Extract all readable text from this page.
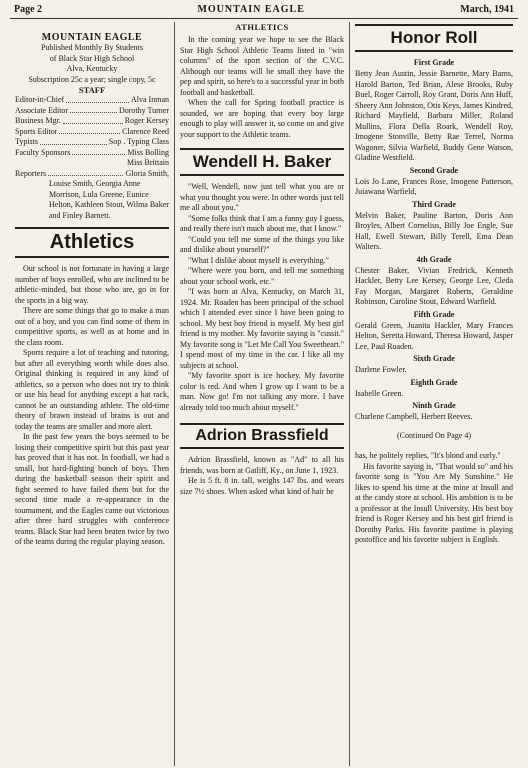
Page 2	MOUNTAIN EAGLE	March, 1941
MOUNTAIN EAGLE

Published Monthly By Students

of Black Star High School

Alva, Kentucky

Subscription 25c a year; single copy, 5c

STAFF
Editor-in-Chief	Alva Inman
Associate Editor	Dorothy Turner
Business Mgr.	Roger Kersey
Sports Editor	Clarence Reed
Typists	Sop . Typing Class
Faculty Sponsors	Miss Bolling
Miss Brittain
Reporters	Gloria Smith,
Louise Smith, Georgia Anne Morrison, Lula Greene, Eunice Helton, Kathleen Stout, Wilma Baker and Finley Barnett.
Athletics

Our school is not fortunate in having a large number of boys enrolled, who are inclined to be athletic-minded, but those who are, go in for the sports in a big way.

There are some things that go to make a man out of a boy, and you can find some of them in competitive sports, as well as at home and in the class room.

Sports require a lot of teaching and tutoring, but after all everything worth while does also. Original thinking is required in any kind of athletics, so a person who does not try to think or use his head for anything except a hat rack, cannot be an outstanding athlete. The old-time theory of brawn instead of brains is out and today the teams are smaller and more alert.

In the past few years the boys seemed to be losing their competitive spirit but this past year has proved that it has not. In football, we had a small, but hard-fighting bunch of boys. Then during the basketball season their spirit and fight seemed to have failed them but for the second time made a re-appearance in the tournament, and the Eagles came out victorious after three hard struggles with conference teams. Black Star had been beaten twice by two of the teams during the regular playing season.

ATHLETICS

In the coming year we hope to see the Black Star High School Athletic Teams listed in "win columns" of the sport section of the C.V.C. Although our teams will be small they have the pep and spirit, so here's to a successful year in both football and basketball.

When the call for Spring football practice is sounded, we are hoping that every boy large enough to play will answer it, so come on and give your support to the Athletic teams.

Wendell H. Baker

"Well, Wendell, now just tell what you are or what you thought you were. In other words just tell me all about you."

"Some folks think that I am a funny guy I guess, and really there isn't much about me, that I know."

"Could you tell me some of the things you like and dislike about yourself?"

"What I dislike about myself is everything."

"Where were you born, and tell me something about your school work, etc."

"I was born at Alva, Kentucky, on March 31, 1924. Mr. Roaden has been principal of the school which I attended ever since I have been going to school. My best boy friend is myself. My best girl friend is my mother. My favorite saying is "cussit." My favorite song is "Let Me Call You Sweetheart." I spend most of my time in the car. I like all my subjects at school.

"My favorite sport is ice hockey. My favorite color is red. And when I grow up I want to be a man. Now go! I'm not talking any more. I have already told too much about myself."

Adrion Brassfield

Adrion Brassfield, known as "Ad" to all his friends, was born at Gatliff, Ky., on June 1, 1923.

He is 5 ft. 8 in. tall, weighs 147 lbs. and wears size 7½ shoes. When asked what kind of hair he

Honor Roll
First Grade

Betty Jean Austin, Jessie Barnette, Mary Barns, Harold Barton, Ted Brian, Alese Brooks, Ruby Buel, Roger Carroll, Roy Grant, Doris Ann Huff, Sheery Ann Johnston, Otis Keys, James Kindred, Richard Mayfield, Barbara Miller, Roland Mullins, Flora Della Roark, Wendell Roy, Imogene Stonville, Betty Rae Terrel, Norma Wagoner, Silvia Warfield, Buddy Gene Watson, Gladine Westfield.

Second Grade

Lois Jo Lane, Frances Rose, Imogene Patterson, Juiawana Warfield,

Third Grade

Melvin Baker, Pauline Barton, Doris Ann Broyles, Albert Cornelius, Billy Joe Engle, Sue Hall, Ewell Stewart, Billy Terell, Ema Dean Walters.

4th Grade

Chester Baker, Vivian Fredrick, Kenneth Hackler, Betty Lee Kersey, George Lee, Cleda Fay Morgan, Margaret Roberts, Geraldine Robinson, Caroline Stout, Edward Warfield.

Fifth Grade

Gerald Green, Juanita Hackler, Mary Frances Helton, Seretta Howard, Theresa Howard, Jasper Lee, Paul Roaden.

Sixth Grade

Darlene Fowler.

Eighth Grade

Isabelle Green.

Ninth Grade

Charlene Campbell, Herbert Reeves.

(Continued On Page 4)

has, he politely replies, "It's blond and curly."

His favorite saying is, "That would so" and his favorite song is "You Are My Sunshine." He likes to spend his time at the mine at Insull and at the candy store at school. His ambition is to be a professor at the Insull University. His best boy friend is Roger Kersey and his best girl friend is Dorothy Parks. His favorite pastime is playing postoffice and his favorite subject is English.
